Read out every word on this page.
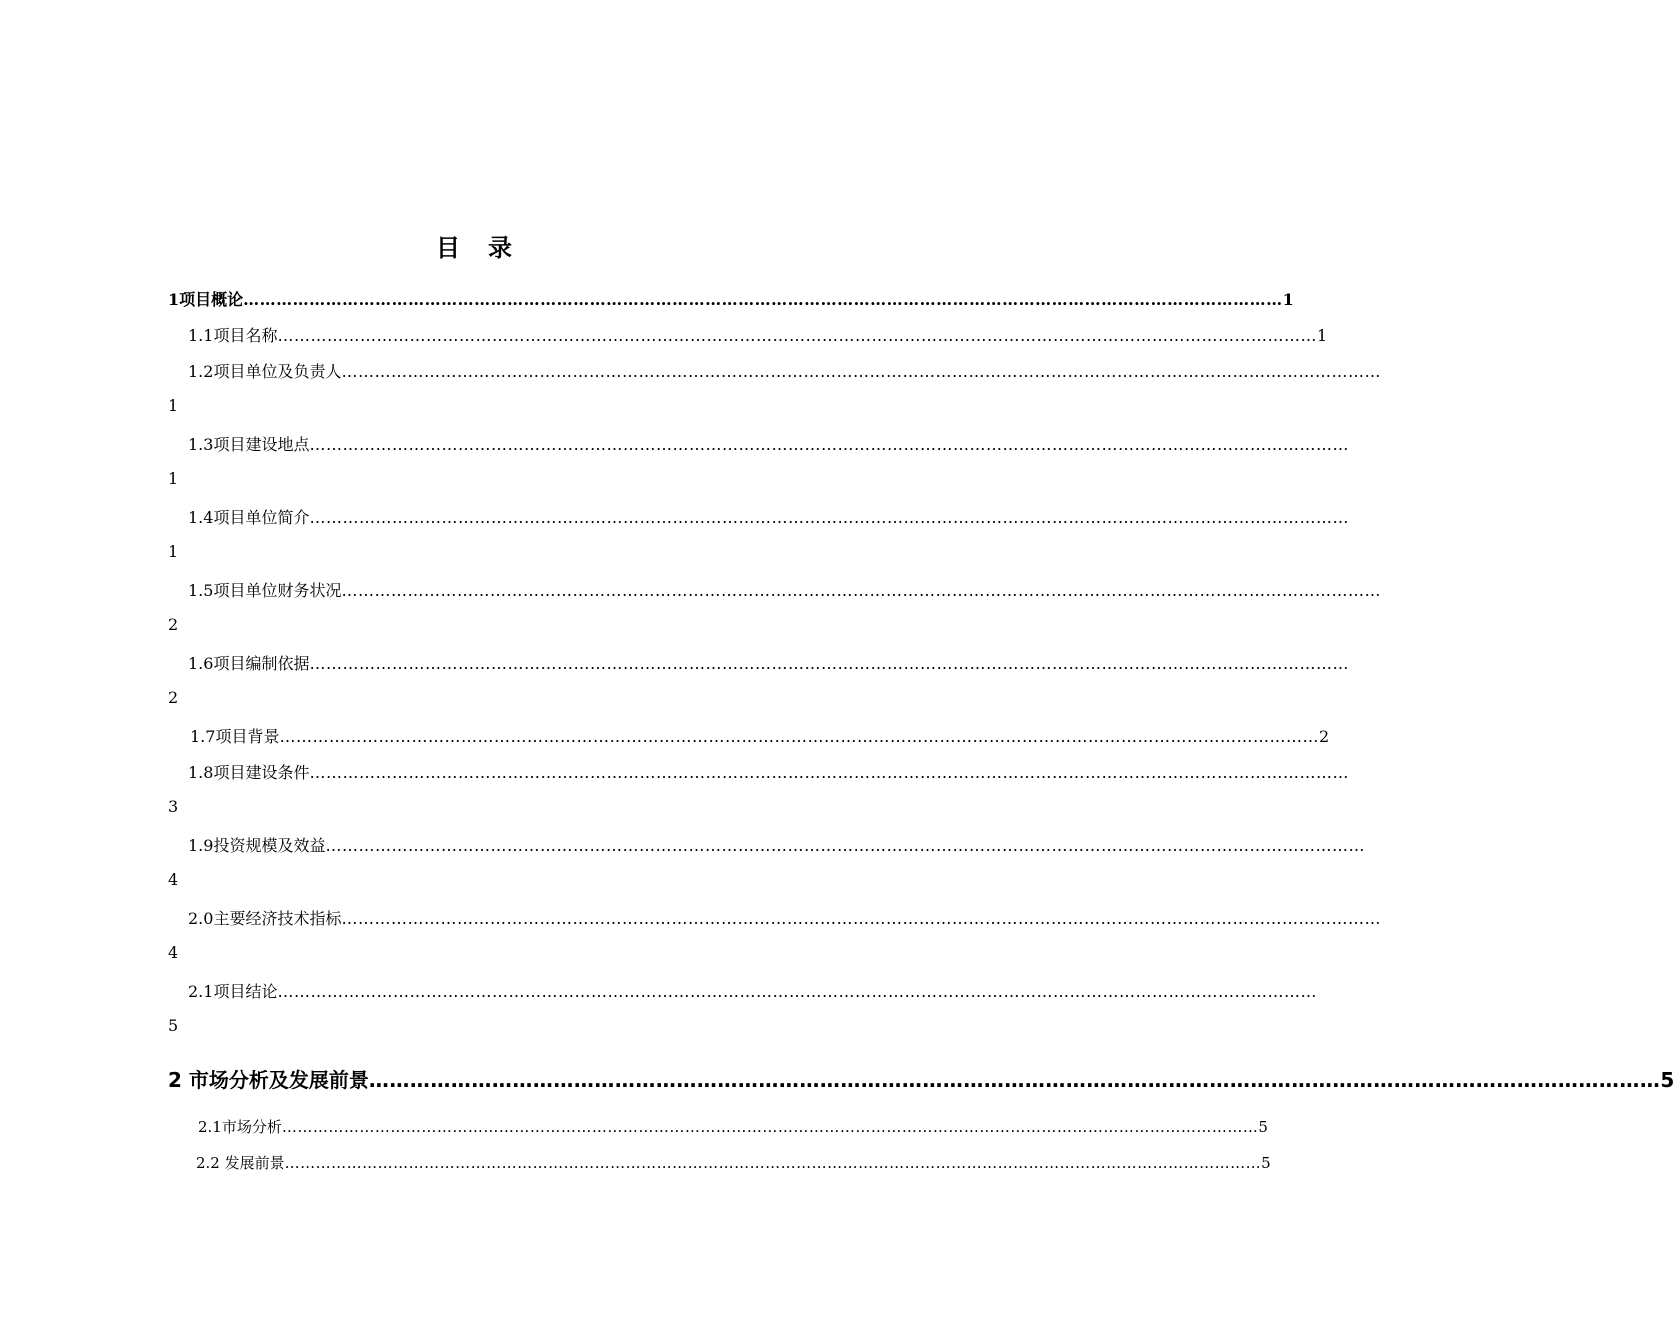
目　录
1项目概论 ……………………………………………………………………………………………………………………………………………………………………… 1
1.1项目名称 ……………………………………………………………………………………………………………………………………………………………………… 1
1.2项目单位及负责人 ………………………………………………………………………………………………………………………………………………………………………
1
1.3项目建设地点 ………………………………………………………………………………………………………………………………………………………………………
1
1.4项目单位简介 ………………………………………………………………………………………………………………………………………………………………………
1
1.5项目单位财务状况 ………………………………………………………………………………………………………………………………………………………………………
2
1.6项目编制依据 ………………………………………………………………………………………………………………………………………………………………………
2
1.7项目背景 ……………………………………………………………………………………………………………………………………………………………………… 2
1.8项目建设条件 ………………………………………………………………………………………………………………………………………………………………………
3
1.9投资规模及效益 ………………………………………………………………………………………………………………………………………………………………………
4
2.0主要经济技术指标 ………………………………………………………………………………………………………………………………………………………………………
4
2.1项目结论 ………………………………………………………………………………………………………………………………………………………………………
5
2 市场分析及发展前景 ……………………………………………………………………………………………………………………………………………………………………… 5
2.1市场分析 ……………………………………………………………………………………………………………………………………………………………………… 5
2.2 发展前景 ……………………………………………………………………………………………………………………………………………………………………… 5
